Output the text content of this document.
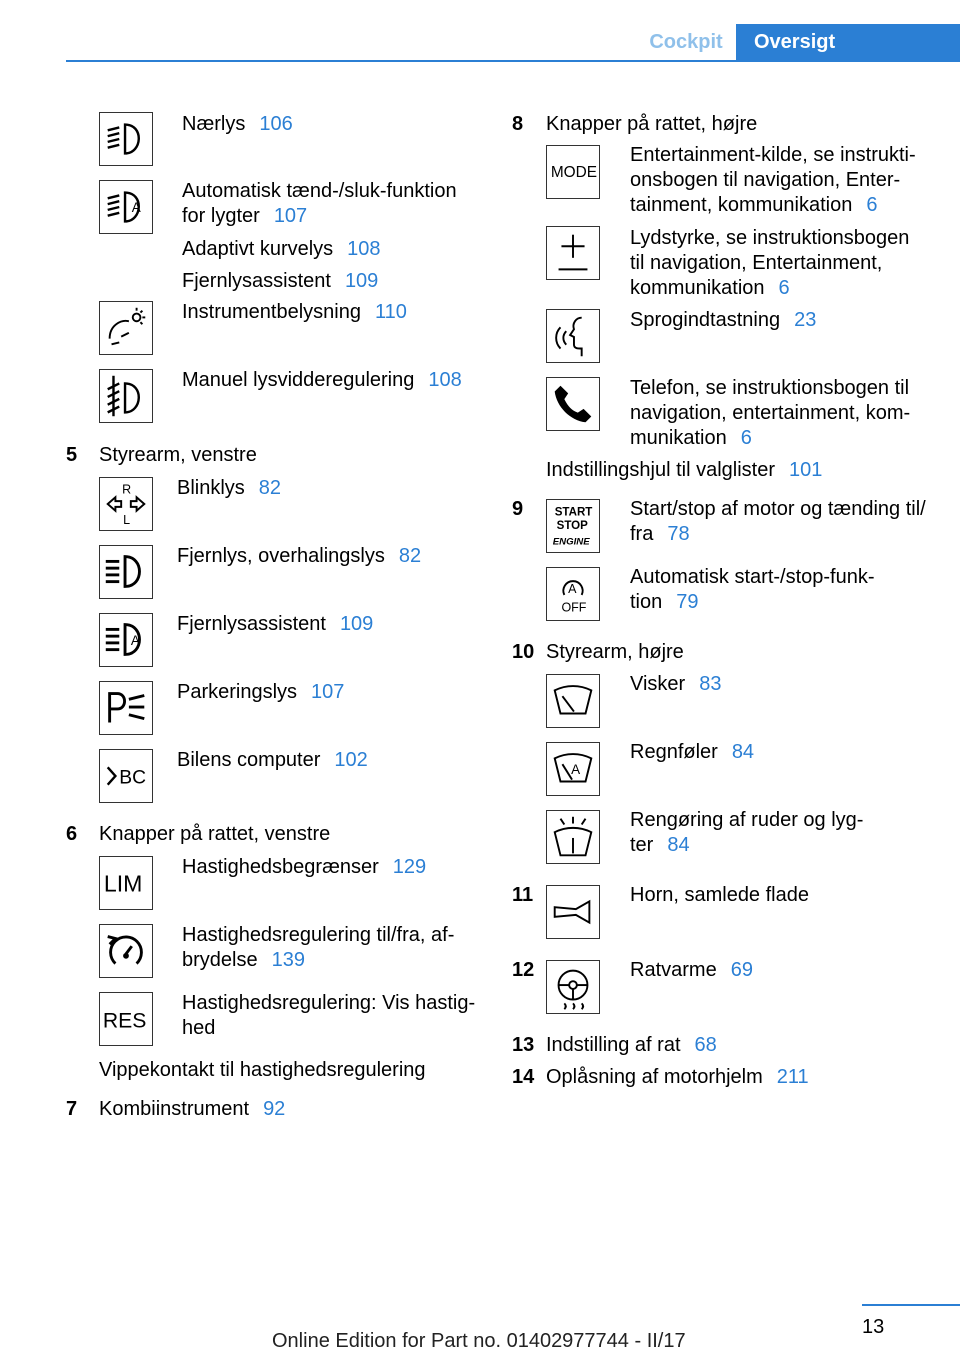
Cockpit	Oversigt
Nærlys 106
A
Automatisk tænd-/sluk-funktion
for lygter 107
Adaptivt kurvelys 108
Fjernlysassistent 109
Instrumentbelysning 110
Manuel lysvidderegulering 108
5 Styrearm, venstre
R
L
Blinklys 82
Fjernlys, overhalingslys 82
A
Fjernlysassistent 109
Parkeringslys 107
BC
Bilens computer 102
6 Knapper på rattet, venstre
LIM
Hastighedsbegrænser 129
Hastighedsregulering til/fra, af-
brydelse 139
RES
Hastighedsregulering: Vis hastig-
hed
Vippekontakt til hastighedsregulering
7 Kombiinstrument 92
8 Knapper på rattet, højre
MODE
Entertainment-kilde, se instrukti-
onsbogen til navigation, Enter-
tainment, kommunikation 6
Lydstyrke, se instruktionsbogen
til navigation, Entertainment,
kommunikation 6
Sprogindtastning 23
Telefon, se instruktionsbogen til
navigation, entertainment, kom-
munikation 6
Indstillingshjul til valglister 101
9	START
STOP
ENGINE
Start/stop af motor og tænding til/
fra 78
A
OFF
Automatisk start-/stop-funk-
tion 79
10 Styrearm, højre
Visker 83
A
Regnføler 84
Rengøring af ruder og lyg-
ter 84
11	Horn, samlede flade
12	Ratvarme 69
13 Indstilling af rat 68
14 Oplåsning af motorhjelm 211
13
Online Edition for Part no. 01402977744 - II/17
